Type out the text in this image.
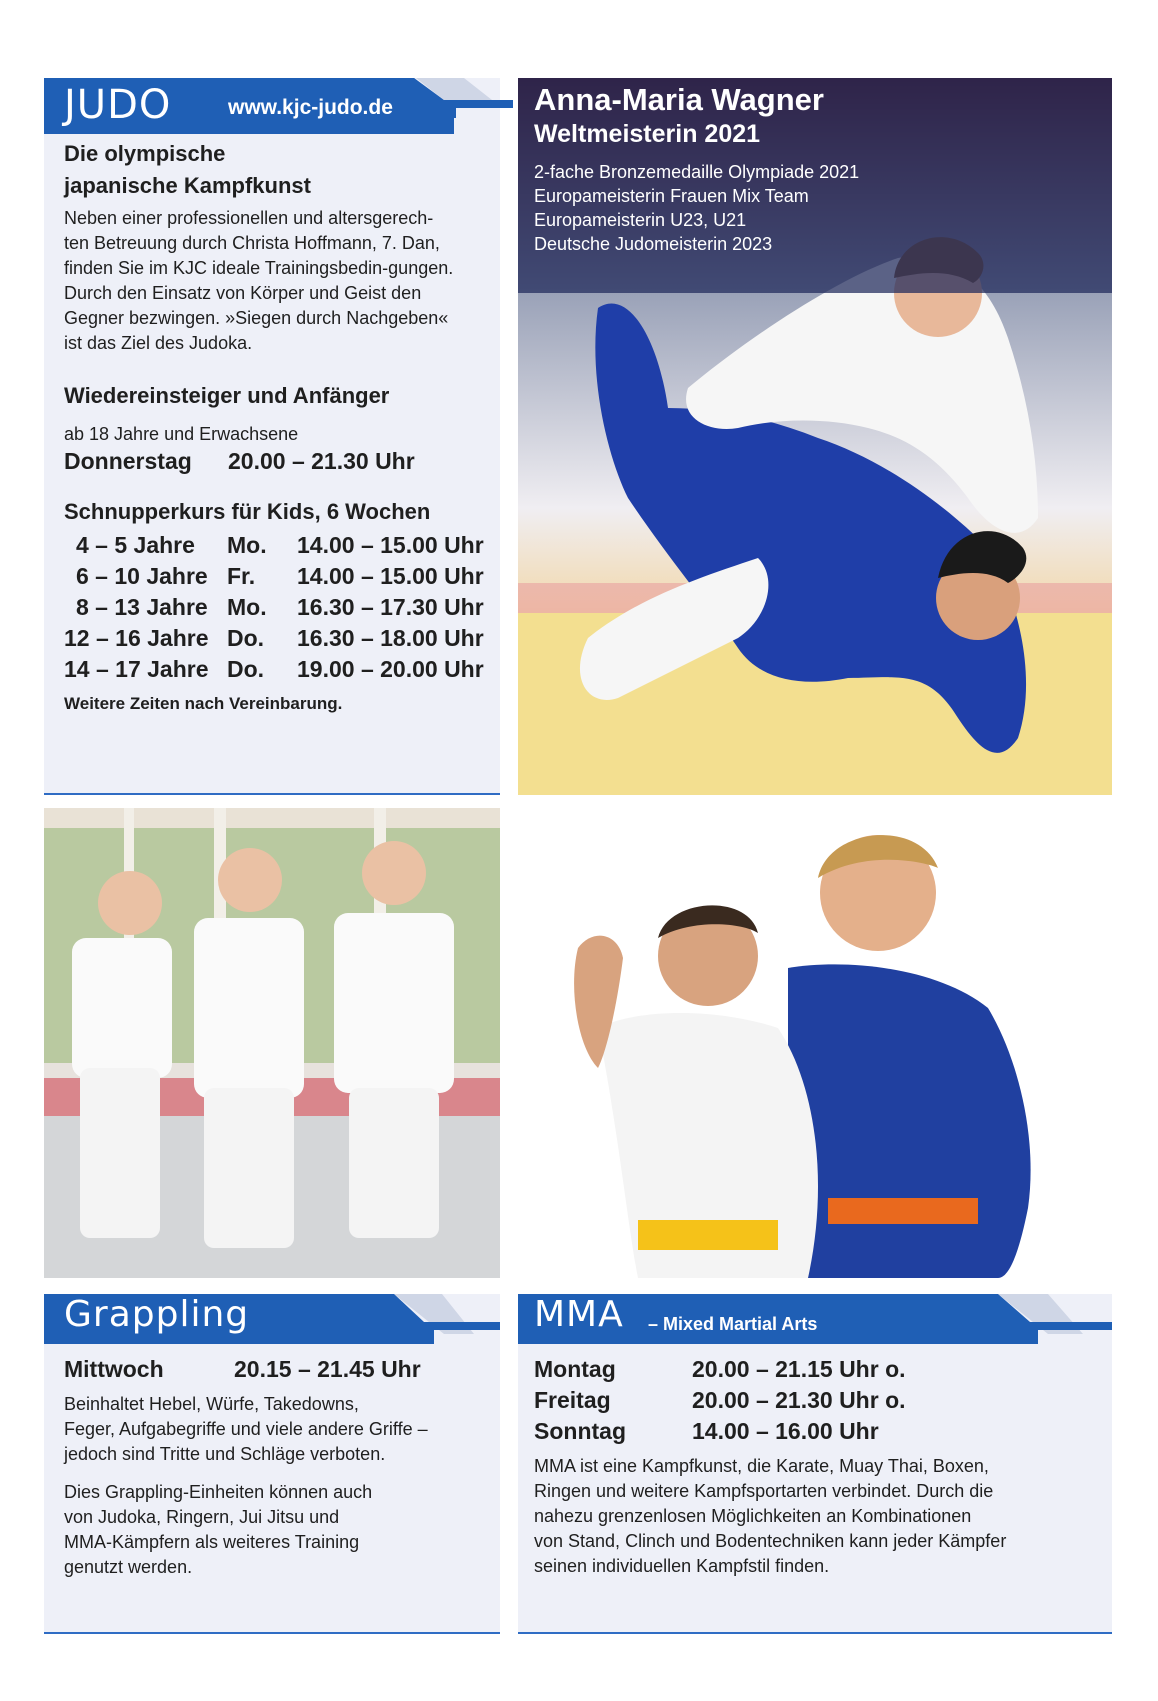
JUDO	www.kjc-judo.de
Die olympische
japanische Kampfkunst
Neben einer professionellen und altersgerech-
ten Betreuung durch Christa Hoffmann, 7. Dan,
finden Sie im KJC ideale Trainingsbedin-gungen.
Durch den Einsatz von Körper und Geist den
Gegner bezwingen. »Siegen durch Nachgeben«
ist das Ziel des Judoka.
Wiedereinsteiger und Anfänger
ab 18 Jahre und Erwachsene
Donnerstag 20.00 – 21.30 Uhr
Schnupperkurs für Kids, 6 Wochen
4 – 5 Jahre Mo. 14.00 – 15.00 Uhr
6 – 10 Jahre Fr. 14.00 – 15.00 Uhr
8 – 13 Jahre Mo. 16.30 – 17.30 Uhr
12 – 16 Jahre Do. 16.30 – 18.00 Uhr
14 – 17 Jahre Do. 19.00 – 20.00 Uhr
Weitere Zeiten nach Vereinbarung.
Anna-Maria Wagner
Weltmeisterin 2021
2-fache Bronzemedaille Olympiade 2021
Europameisterin Frauen Mix Team
Europameisterin U23, U21
Deutsche Judomeisterin 2023
Grappling
Mittwoch	20.15 – 21.45 Uhr
Beinhaltet Hebel, Würfe, Takedowns,
Feger, Aufgabegriffe und viele andere Griffe –
jedoch sind Tritte und Schläge verboten.
Dies Grappling-Einheiten können auch
von Judoka, Ringern, Jui Jitsu und
MMA-Kämpfern als weiteres Training
genutzt werden.
MMA – Mixed Martial Arts
Montag	20.00 – 21.15 Uhr o.
Freitag	20.00 – 21.30 Uhr o.
Sonntag	14.00 – 16.00 Uhr
MMA ist eine Kampfkunst, die Karate, Muay Thai, Boxen,
Ringen und weitere Kampfsportarten verbindet. Durch die
nahezu grenzenlosen Möglichkeiten an Kombinationen
von Stand, Clinch und Bodentechniken kann jeder Kämpfer
seinen individuellen Kampfstil finden.
